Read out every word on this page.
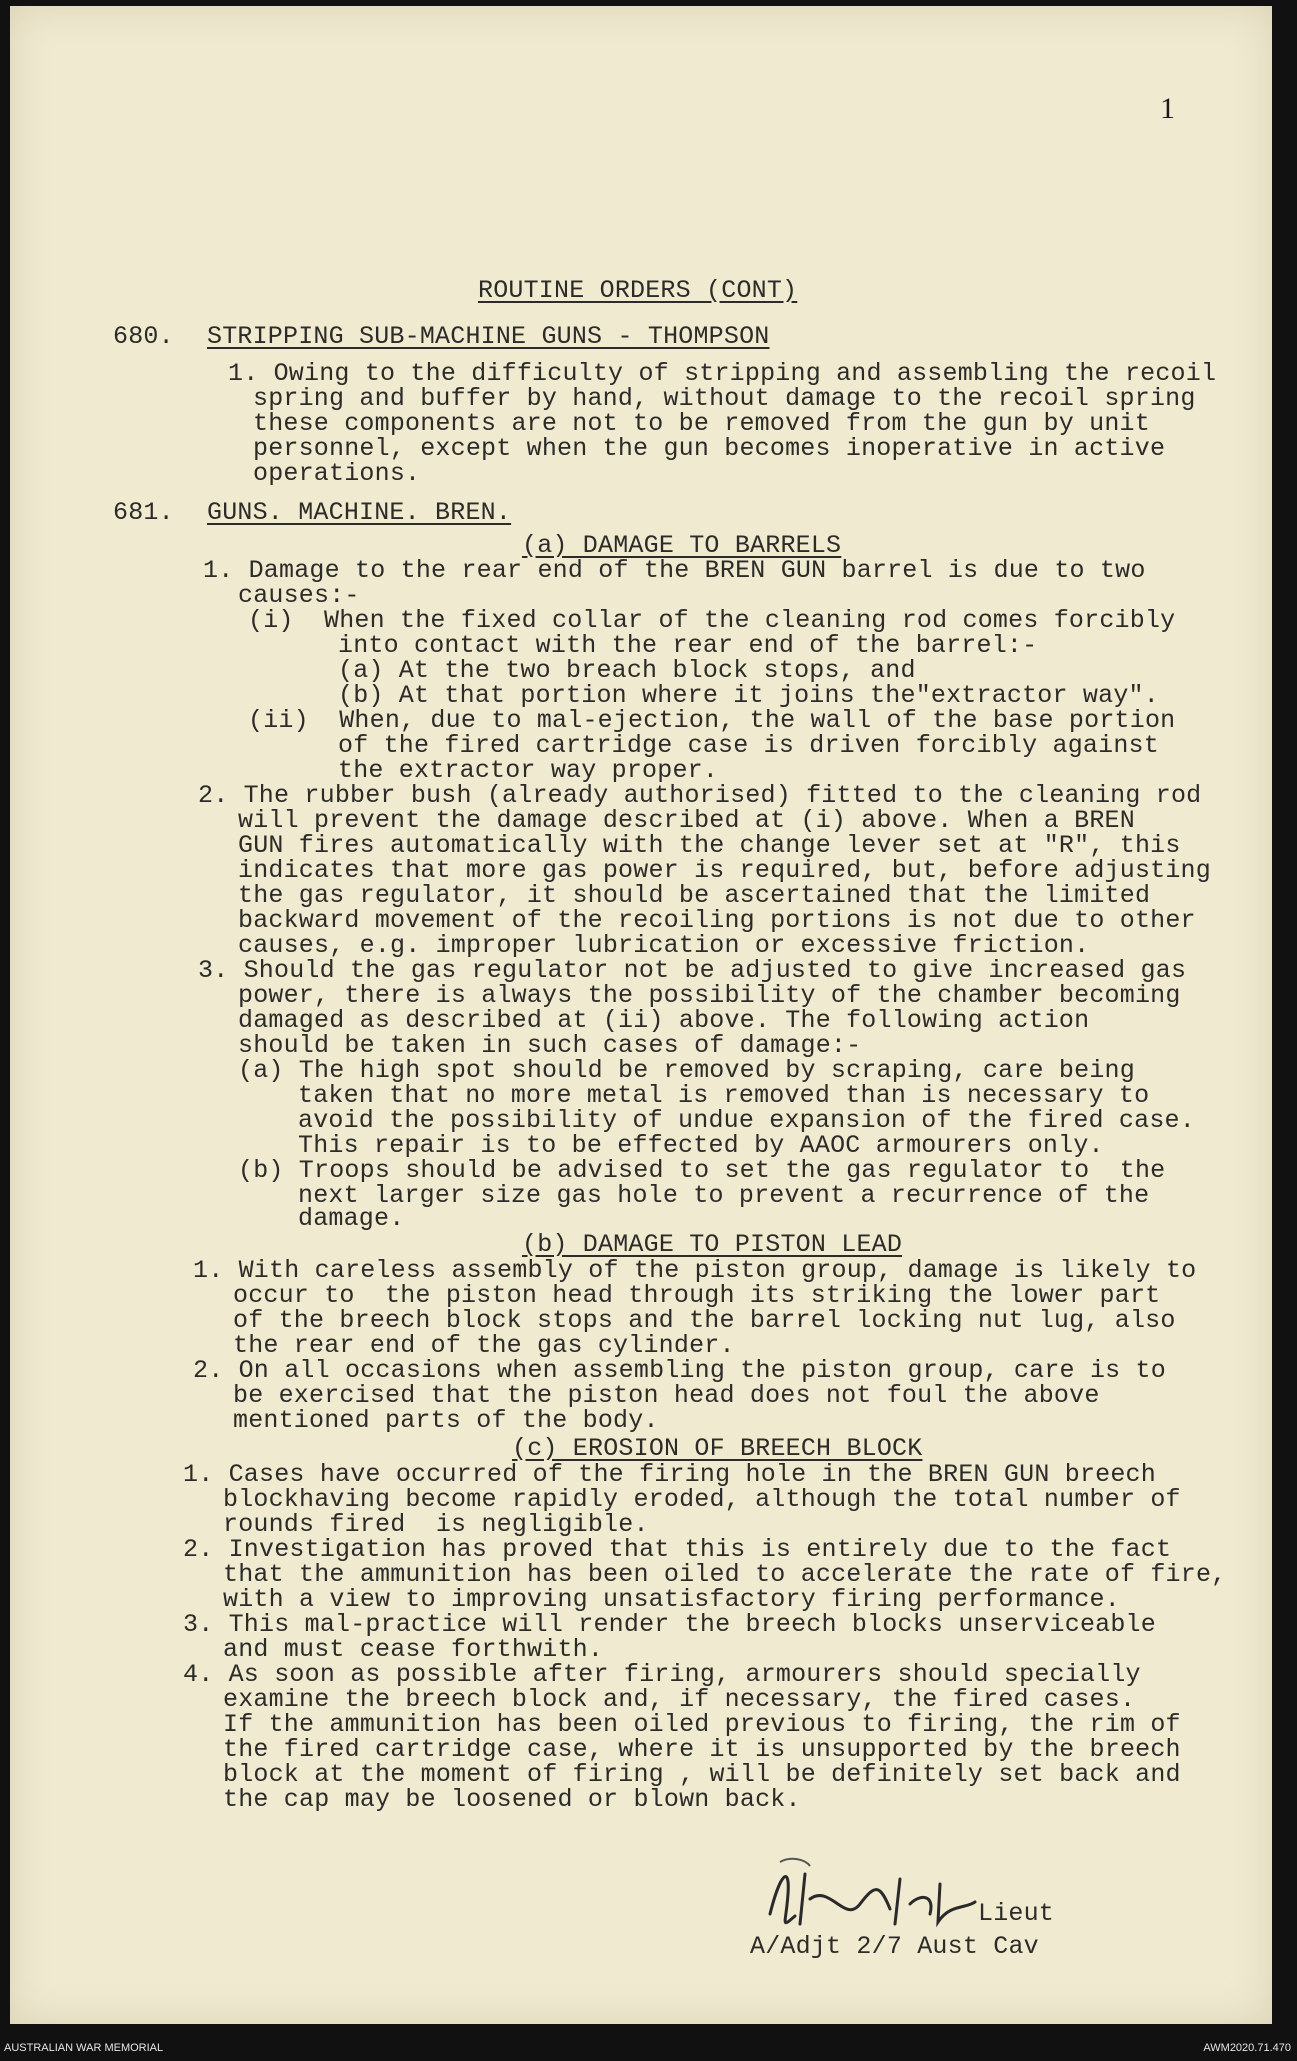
1
ROUTINE ORDERS (CONT)
680. STRIPPING SUB-MACHINE GUNS - THOMPSON
1. Owing to the difficulty of stripping and assembling the recoil
spring and buffer by hand, without damage to the recoil spring
these components are not to be removed from the gun by unit
personnel, except when the gun becomes inoperative in active
operations.
681. GUNS. MACHINE. BREN.
(a) DAMAGE TO BARRELS
1. Damage to the rear end of the BREN GUN barrel is due to two
causes:-
(i)  When the fixed collar of the cleaning rod comes forcibly
into contact with the rear end of the barrel:-
(a) At the two breach block stops, and
(b) At that portion where it joins the"extractor way".
(ii)  When, due to mal-ejection, the wall of the base portion
of the fired cartridge case is driven forcibly against
the extractor way proper.
2. The rubber bush (already authorised) fitted to the cleaning rod
will prevent the damage described at (i) above. When a BREN
GUN fires automatically with the change lever set at "R", this
indicates that more gas power is required, but, before adjusting
the gas regulator, it should be ascertained that the limited
backward movement of the recoiling portions is not due to other
causes, e.g. improper lubrication or excessive friction.
3. Should the gas regulator not be adjusted to give increased gas
power, there is always the possibility of the chamber becoming
damaged as described at (ii) above. The following action
should be taken in such cases of damage:-
(a) The high spot should be removed by scraping, care being
taken that no more metal is removed than is necessary to
avoid the possibility of undue expansion of the fired case.
This repair is to be effected by AAOC armourers only.
(b) Troops should be advised to set the gas regulator to  the
next larger size gas hole to prevent a recurrence of the
damage.
(b) DAMAGE TO PISTON LEAD
1. With careless assembly of the piston group, damage is likely to
occur to  the piston head through its striking the lower part
of the breech block stops and the barrel locking nut lug, also
the rear end of the gas cylinder.
2. On all occasions when assembling the piston group, care is to
be exercised that the piston head does not foul the above
mentioned parts of the body.
(c) EROSION OF BREECH BLOCK
1. Cases have occurred of the firing hole in the BREN GUN breech
blockhaving become rapidly eroded, although the total number of
rounds fired  is negligible.
2. Investigation has proved that this is entirely due to the fact
that the ammunition has been oiled to accelerate the rate of fire,
with a view to improving unsatisfactory firing performance.
3. This mal-practice will render the breech blocks unserviceable
and must cease forthwith.
4. As soon as possible after firing, armourers should specially
examine the breech block and, if necessary, the fired cases.
If the ammunition has been oiled previous to firing, the rim of
the fired cartridge case, where it is unsupported by the breech
block at the moment of firing , will be definitely set back and
the cap may be loosened or blown back.
Lieut
A/Adjt 2/7 Aust Cav
AUSTRALIAN WAR MEMORIAL	AWM2020.71.470
